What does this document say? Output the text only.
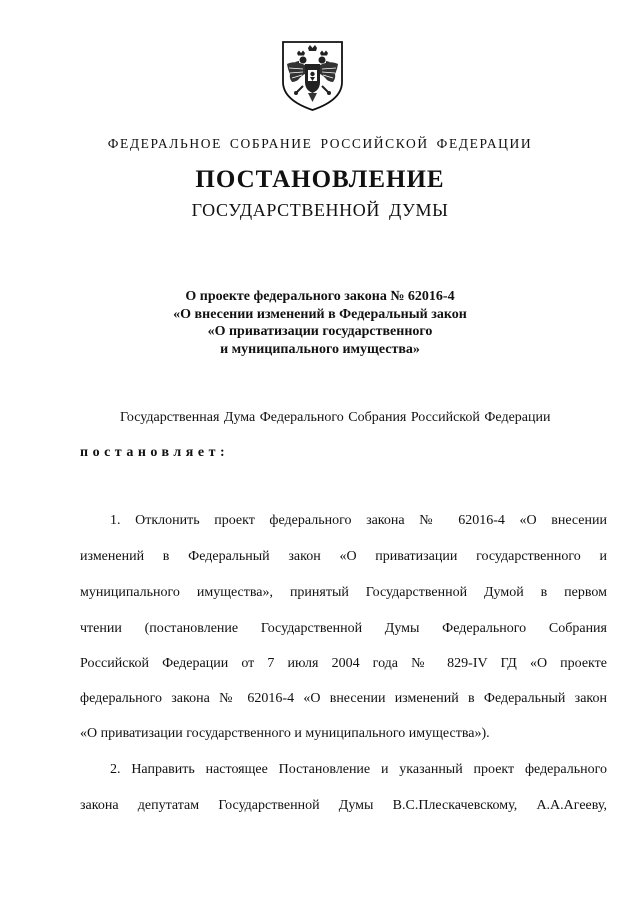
ФЕДЕРАЛЬНОЕ СОБРАНИЕ РОССИЙСКОЙ ФЕДЕРАЦИИ
ПОСТАНОВЛЕНИЕ
ГОСУДАРСТВЕННОЙ ДУМЫ
О проекте федерального закона № 62016-4
«О внесении изменений в Федеральный закон
«О приватизации государственного
и муниципального имущества»
Государственная Дума Федерального Собрания Российской Федерации
постановляет:
1. Отклонить проект федерального закона № 62016-4 «О внесении
изменений в Федеральный закон «О приватизации государственного и
муниципального имущества», принятый Государственной Думой в первом
чтении (постановление Государственной Думы Федерального Собрания
Российской Федерации от 7 июля 2004 года № 829-IV ГД «О проекте
федерального закона № 62016-4 «О внесении изменений в Федеральный закон
«О приватизации государственного и муниципального имущества»).
2. Направить настоящее Постановление и указанный проект федерального
закона депутатам Государственной Думы В.С.Плескачевскому, А.А.Агееву,
